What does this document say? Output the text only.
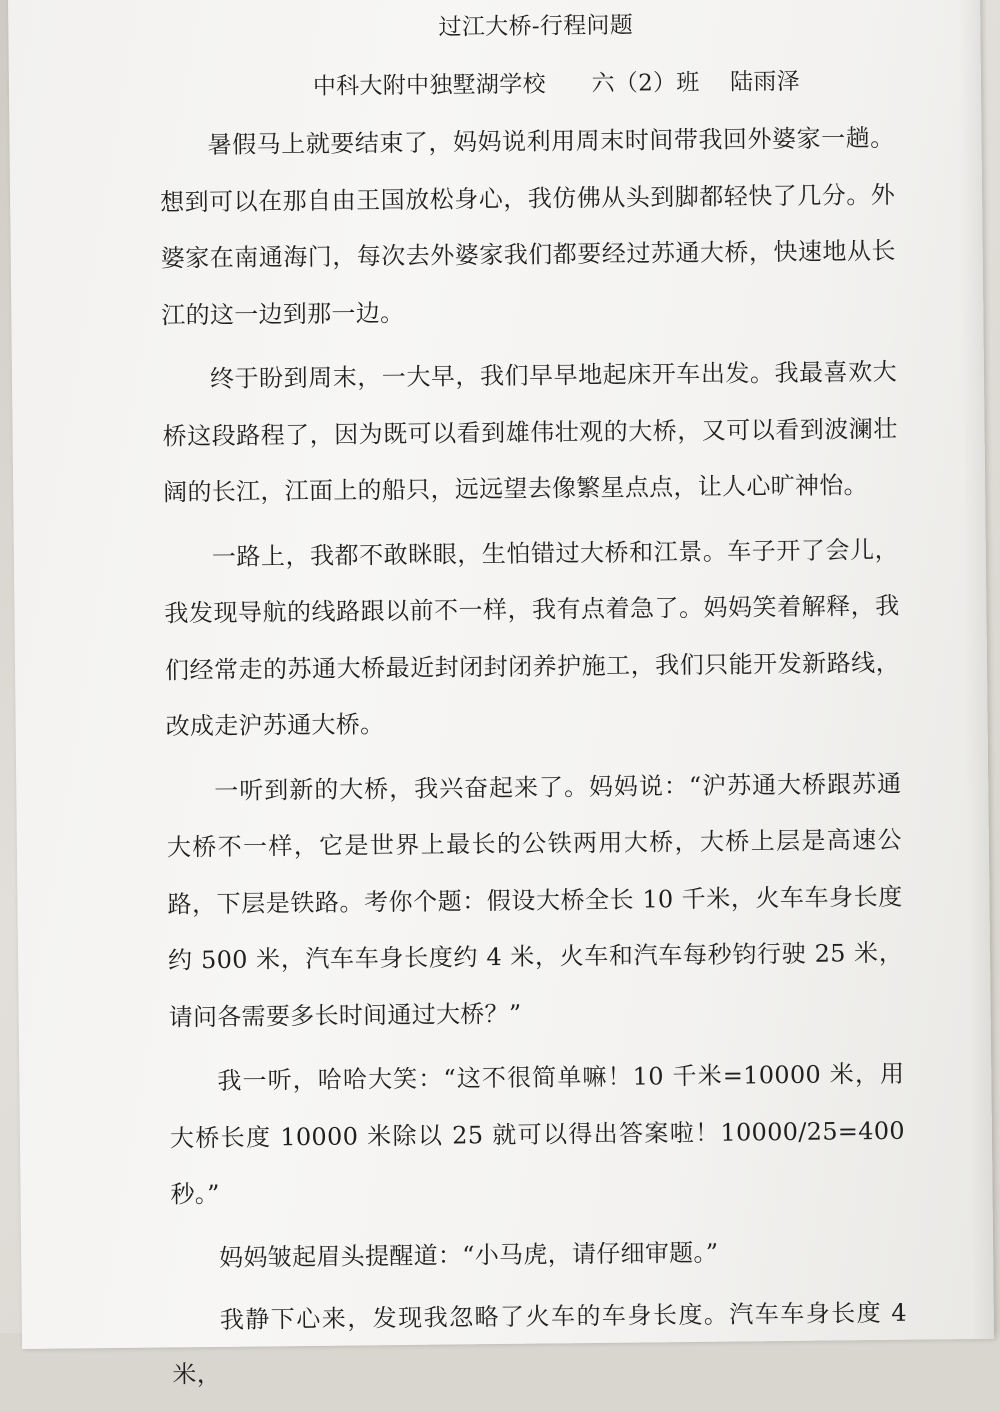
过江大桥-行程问题
中科大附中独墅湖学校      六（2）班    陆雨泽

暑假马上就要结束了，妈妈说利用周末时间带我回外婆家一趟。想到可以在那自由王国放松身心，我仿佛从头到脚都轻快了几分。外婆家在南通海门，每次去外婆家我们都要经过苏通大桥，快速地从长江的这一边到那一边。

终于盼到周末，一大早，我们早早地起床开车出发。我最喜欢大桥这段路程了，因为既可以看到雄伟壮观的大桥，又可以看到波澜壮阔的长江，江面上的船只，远远望去像繁星点点，让人心旷神怡。

一路上，我都不敢眯眼，生怕错过大桥和江景。车子开了会儿，我发现导航的线路跟以前不一样，我有点着急了。妈妈笑着解释，我们经常走的苏通大桥最近封闭封闭养护施工，我们只能开发新路线，改成走沪苏通大桥。

一听到新的大桥，我兴奋起来了。妈妈说：“沪苏通大桥跟苏通大桥不一样，它是世界上最长的公铁两用大桥，大桥上层是高速公路，下层是铁路。考你个题：假设大桥全长 10 千米，火车车身长度约 500 米，汽车车身长度约 4 米，火车和汽车每秒钧行驶 25 米，请问各需要多长时间通过大桥？”

我一听，哈哈大笑：“这不很简单嘛！10 千米=10000 米，用大桥长度 10000 米除以 25 就可以得出答案啦！10000/25=400 秒。”

妈妈皱起眉头提醒道：“小马虎，请仔细审题。”

我静下心来，发现我忽略了火车的车身长度。汽车车身长度 4 米，
